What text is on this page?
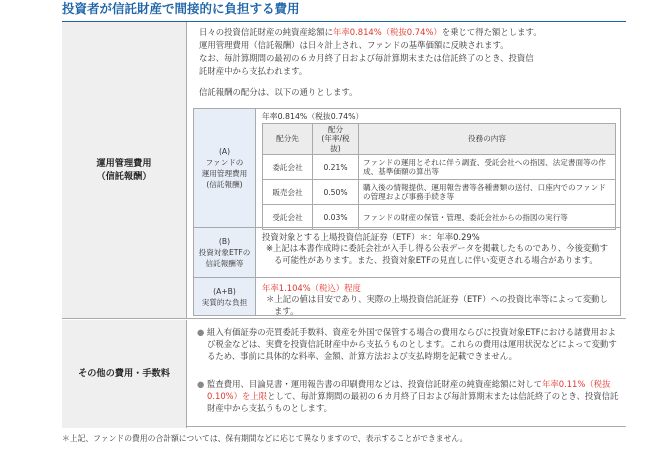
投資者が信託財産で間接的に負担する費用
運用管理費用
（信託報酬）
日々の投資信託財産の純資産総額に年率0.814%（税抜0.74%）を乗じて得た額とします。
運用管理費用（信託報酬）は日々計上され、ファンドの基準価額に反映されます。
なお、毎計算期間の最初の６カ月終了日および毎計算期末または信託終了のとき、投資信
託財産中から支払われます。
信託報酬の配分は、以下の通りとします。
(A)
ファンドの
運用管理費用
(信託報酬)
年率0.814%（税抜0.74%）
配分先	配分
(年率/税抜)	役務の内容
委託会社	0.21%	ファンドの運用とそれに伴う調査、受託会社への指図、法定書面等の作成、基準価額の算出等
販売会社	0.50%	購入後の情報提供、運用報告書等各種書類の送付、口座内でのファンドの管理および事務手続き等
受託会社	0.03%	ファンドの財産の保管・管理、委託会社からの指図の実行等
(B)
投資対象ETFの
信託報酬等
投資対象とする上場投資信託証券（ETF）＊：年率0.29%
※上記は本書作成時に委託会社が入手し得る公表データを掲載したものであり、今後変動する可能性があります。また、投資対象ETFの見直しに伴い変更される場合があります。
(A+B)
実質的な負担
年率1.104%（税込）程度
＊上記の値は目安であり、実際の上場投資信託証券（ETF）への投資比率等によって変動します。
その他の費用・手数料
● 組入有価証券の売買委託手数料、資産を外国で保管する場合の費用ならびに投資対象ETFにおける諸費用および税金などは、実費を投資信託財産中から支払うものとします。これらの費用は運用状況などによって変動するため、事前に具体的な料率、金額、計算方法および支払時期を記載できません。
● 監査費用、目論見書・運用報告書の印刷費用などは、投資信託財産の純資産総額に対して年率0.11%（税抜0.10%）を上限として、毎計算期間の最初の６カ月終了日および毎計算期末または信託終了のとき、投資信託財産中から支払うものとします。
＊上記、ファンドの費用の合計額については、保有期間などに応じて異なりますので、表示することができません。
